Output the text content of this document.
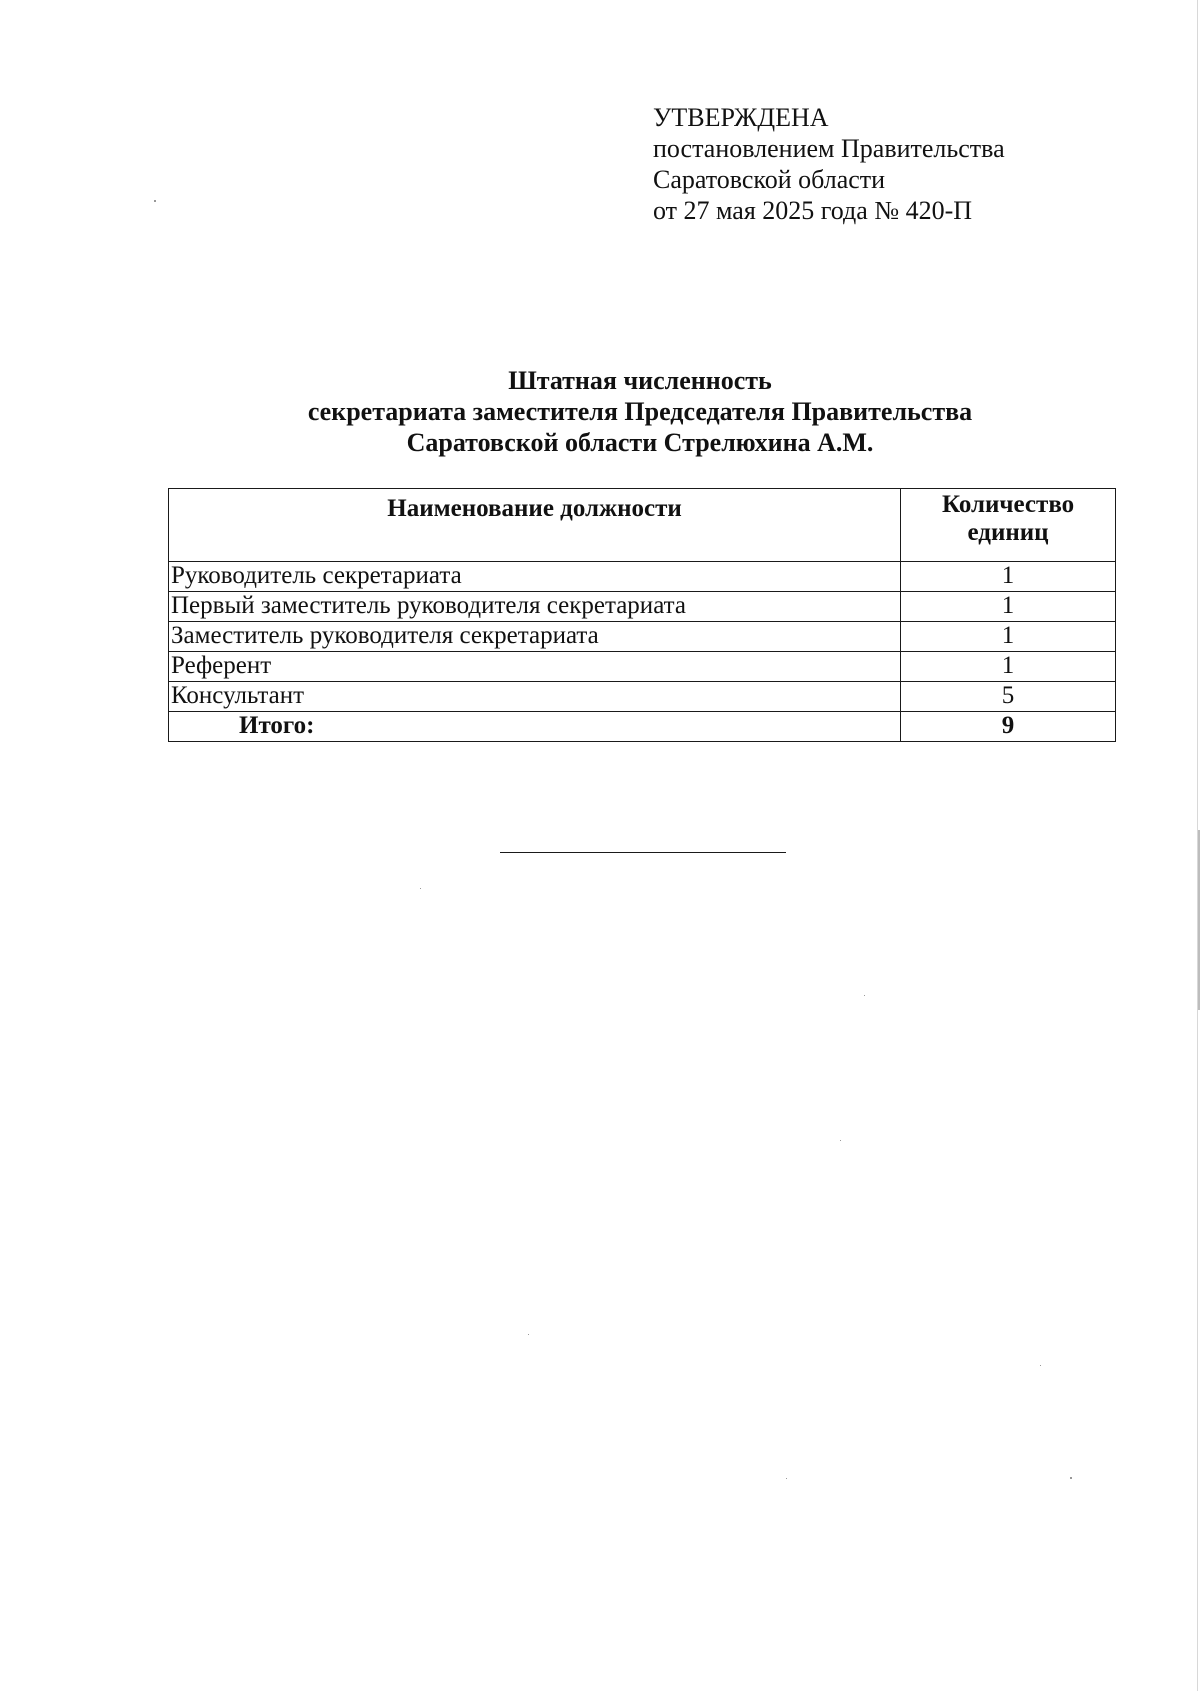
УТВЕРЖДЕНА
постановлением Правительства
Саратовской области
от 27 мая 2025 года № 420-П
Штатная численность
секретариата заместителя Председателя Правительства
Саратовской области Стрелюхина А.М.
Наименование должности	Количество
единиц

Руководитель секретариата	1
Первый заместитель руководителя секретариата	1
Заместитель руководителя секретариата	1
Референт	1
Консультант	5
Итого:	9
